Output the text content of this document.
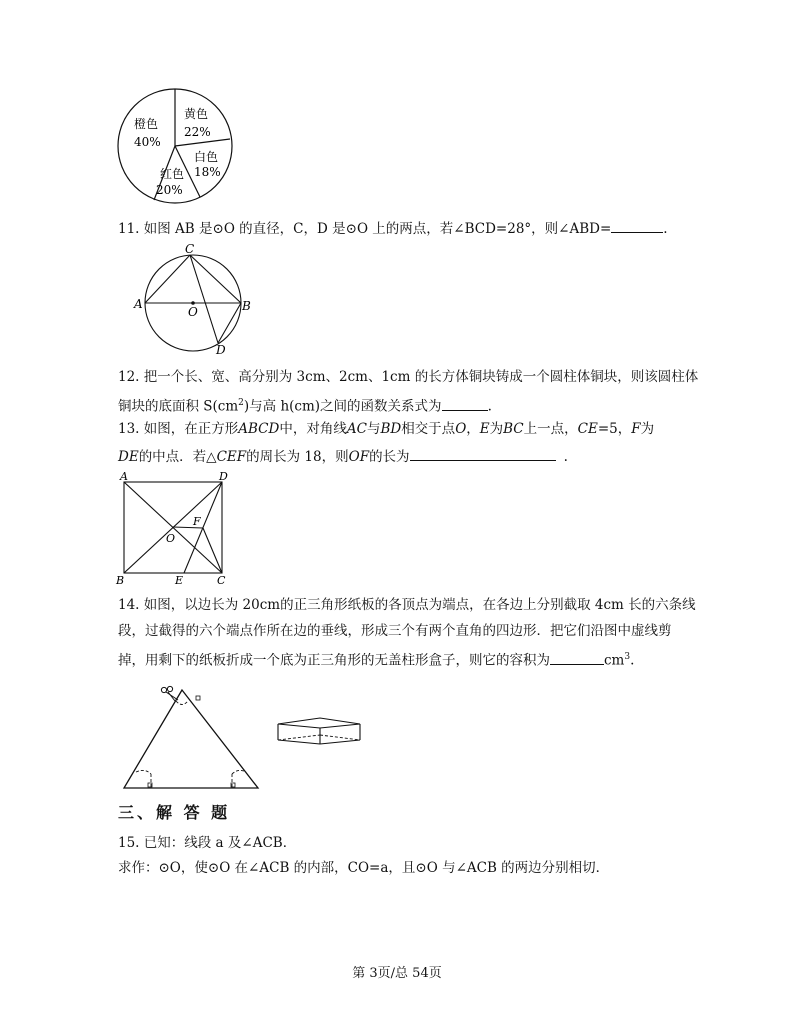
橙色
40%
黄色
22%
白色
18%
红色
20%
11. 如图 AB 是⊙O 的直径，C，D 是⊙O 上的两点，若∠BCD=28°，则∠ABD=	.
A	B
C
D
O
12. 把一个长、宽、高分别为 3cm、2cm、1cm 的长方体铜块铸成一个圆柱体铜块，则该圆柱体
铜块的底面积 $S(cm^2)$与高 h(cm)之间的函数关系式为	.
13. 如图，在正方形ABCD中，对角线AC与BD相交于点O，E为BC上一点，CE=5，F为
DE的中点．若△CEF的周长为 18，则OF的长为	.
A	D
B	E	C
F
O
14. 如图，以边长为 20cm的正三角形纸板的各顶点为端点，在各边上分别截取 4cm 长的六条线
段，过截得的六个端点作所在边的垂线，形成三个有两个直角的四边形．把它们沿图中虚线剪
掉，用剩下的纸板折成一个底为正三角形的无盖柱形盒子，则它的容积为	$cm^3$.
三、解 答 题
15. 已知：线段 a 及∠ACB．
求作：⊙O，使⊙O 在∠ACB 的内部，CO=a，且⊙O 与∠ACB 的两边分别相切．
第 3页/总 54页
